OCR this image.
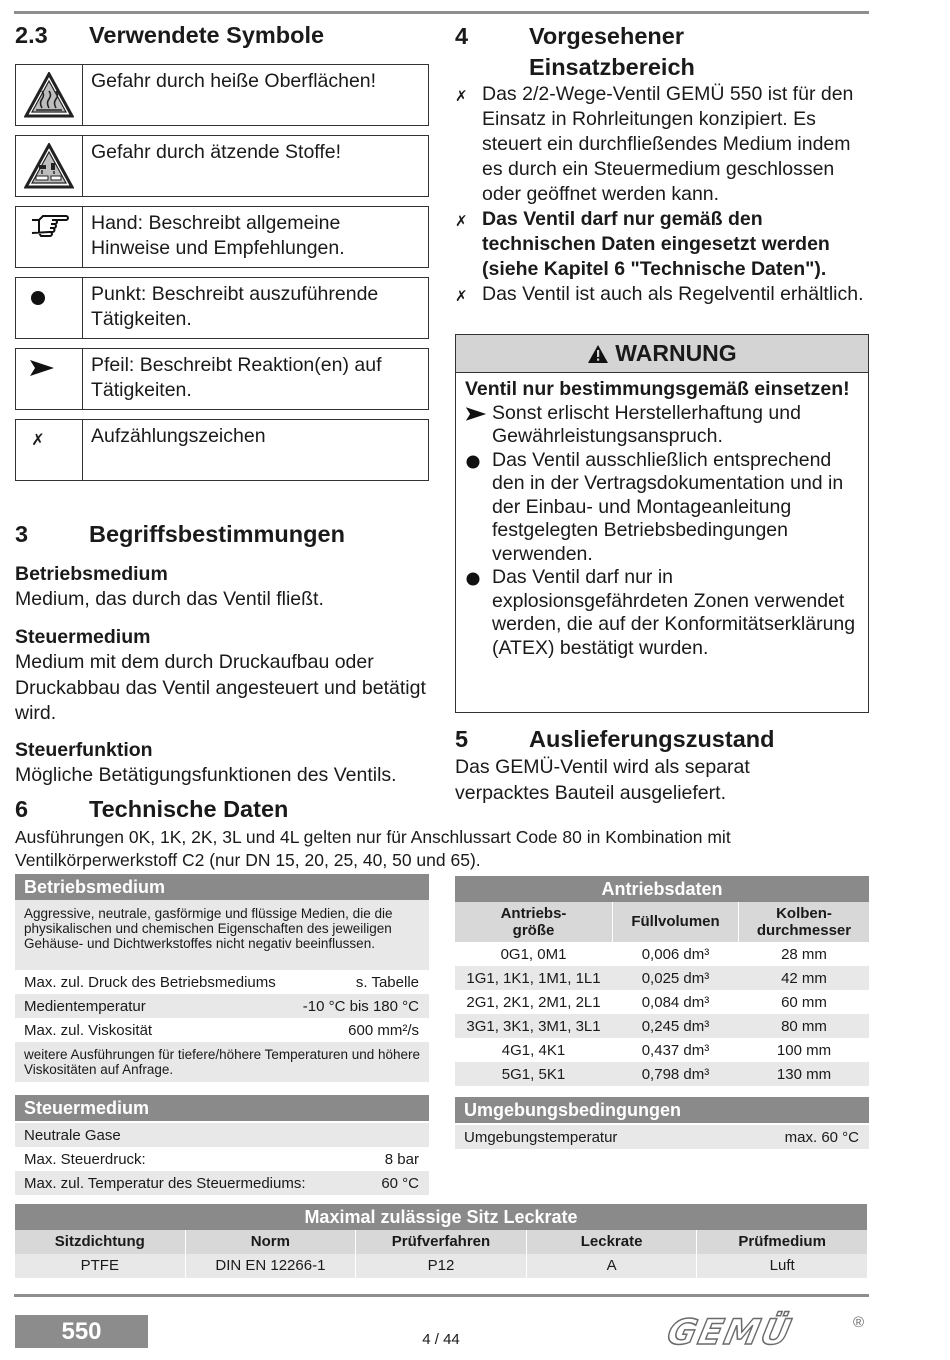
2.3	Verwendete Symbole
Gefahr durch heiße Oberflächen!
Gefahr durch ätzende Stoffe!
Hand: Beschreibt allgemeine Hinweise und Empfehlungen.
Punkt: Beschreibt auszuführende Tätigkeiten.
Pfeil: Beschreibt Reaktion(en) auf Tätigkeiten.
✗	Aufzählungszeichen
3	Begriffsbestimmungen
Betriebsmedium
Medium, das durch das Ventil fließt.
Steuermedium
Medium mit dem durch Druckaufbau oder Druckabbau das Ventil angesteuert und betätigt wird.
Steuerfunktion
Mögliche Betätigungsfunktionen des Ventils.
4	Vorgesehener
Einsatzbereich
✗ Das 2/2-Wege-Ventil GEMÜ 550 ist für den Einsatz in Rohrleitungen konzipiert. Es steuert ein durchfließendes Medium indem es durch ein Steuermedium geschlossen oder geöffnet werden kann.
✗ Das Ventil darf nur gemäß den technischen Daten eingesetzt werden (siehe Kapitel 6 "Technische Daten").
✗ Das Ventil ist auch als Regelventil erhältlich.
WARNUNG
Ventil nur bestimmungsgemäß einsetzen!
Sonst erlischt Herstellerhaftung und Gewährleistungsanspruch.
Das Ventil ausschließlich entsprechend den in der Vertragsdokumentation und in der Einbau- und Montageanleitung festgelegten Betriebsbedingungen verwenden.
Das Ventil darf nur in explosionsgefährdeten Zonen verwendet werden, die auf der Konformitätserklärung (ATEX) bestätigt wurden.
5	Auslieferungszustand
Das GEMÜ-Ventil wird als separat verpacktes Bauteil ausgeliefert.
6	Technische Daten
Ausführungen 0K, 1K, 2K, 3L und 4L gelten nur für Anschlussart Code 80 in Kombination mit Ventilkörperwerkstoff C2 (nur DN 15, 20, 25, 40, 50 und 65).
Betriebsmedium
Aggressive, neutrale, gasförmige und flüssige Medien, die die physikalischen und chemischen Eigenschaften des jeweiligen Gehäuse- und Dichtwerkstoffes nicht negativ beeinflussen.
Max. zul. Druck des Betriebsmediums	s. Tabelle
Medientemperatur	-10 °C bis 180 °C
Max. zul. Viskosität	600 mm²/s
weitere Ausführungen für tiefere/höhere Temperaturen und höhere Viskositäten auf Anfrage.
Steuermedium
Neutrale Gase
Max. Steuerdruck:	8 bar
Max. zul. Temperatur des Steuermediums:	60 °C
Antriebsdaten
Antriebs-
größe
Füllvolumen	Kolben-
durchmesser
0G1, 0M1	0,006 dm³	28 mm
1G1, 1K1, 1M1, 1L1	0,025 dm³	42 mm
2G1, 2K1, 2M1, 2L1	0,084 dm³	60 mm
3G1, 3K1, 3M1, 3L1	0,245 dm³	80 mm
4G1, 4K1	0,437 dm³	100 mm
5G1, 5K1	0,798 dm³	130 mm
Umgebungsbedingungen
Umgebungstemperatur	max. 60 °C
Maximal zulässige Sitz Leckrate
Sitzdichtung	Norm	Prüfverfahren	Leckrate	Prüfmedium
PTFE	DIN EN 12266-1	P12	A	Luft
550	4 / 44	GEMÜ	®
